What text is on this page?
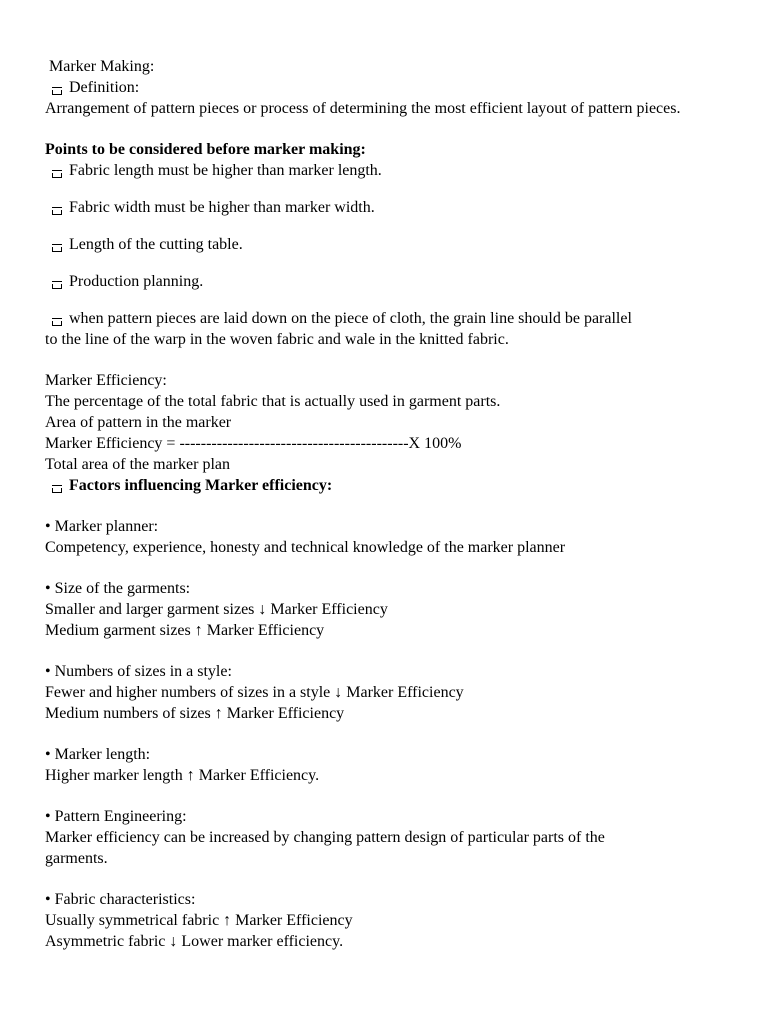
Marker Making:
Definition:
Arrangement of pattern pieces or process of determining the most efficient layout of pattern pieces.
Points to be considered before marker making:
Fabric length must be higher than marker length.
Fabric width must be higher than marker width.
Length of the cutting table.
Production planning.
when pattern pieces are laid down on the piece of cloth, the grain line should be parallel
to the line of the warp in the woven fabric and wale in the knitted fabric.
Marker Efficiency:
The percentage of the total fabric that is actually used in garment parts.
Area of pattern in the marker
Marker Efficiency = -------------------------------------------X 100%
Total area of the marker plan
Factors influencing Marker efficiency:
• Marker planner:
Competency, experience, honesty and technical knowledge of the marker planner
• Size of the garments:
Smaller and larger garment sizes ↓ Marker Efficiency
Medium garment sizes ↑ Marker Efficiency
• Numbers of sizes in a style:
Fewer and higher numbers of sizes in a style ↓ Marker Efficiency
Medium numbers of sizes ↑ Marker Efficiency
• Marker length:
Higher marker length ↑ Marker Efficiency.
• Pattern Engineering:
Marker efficiency can be increased by changing pattern design of particular parts of the
garments.
• Fabric characteristics:
Usually symmetrical fabric ↑ Marker Efficiency
Asymmetric fabric ↓ Lower marker efficiency.
